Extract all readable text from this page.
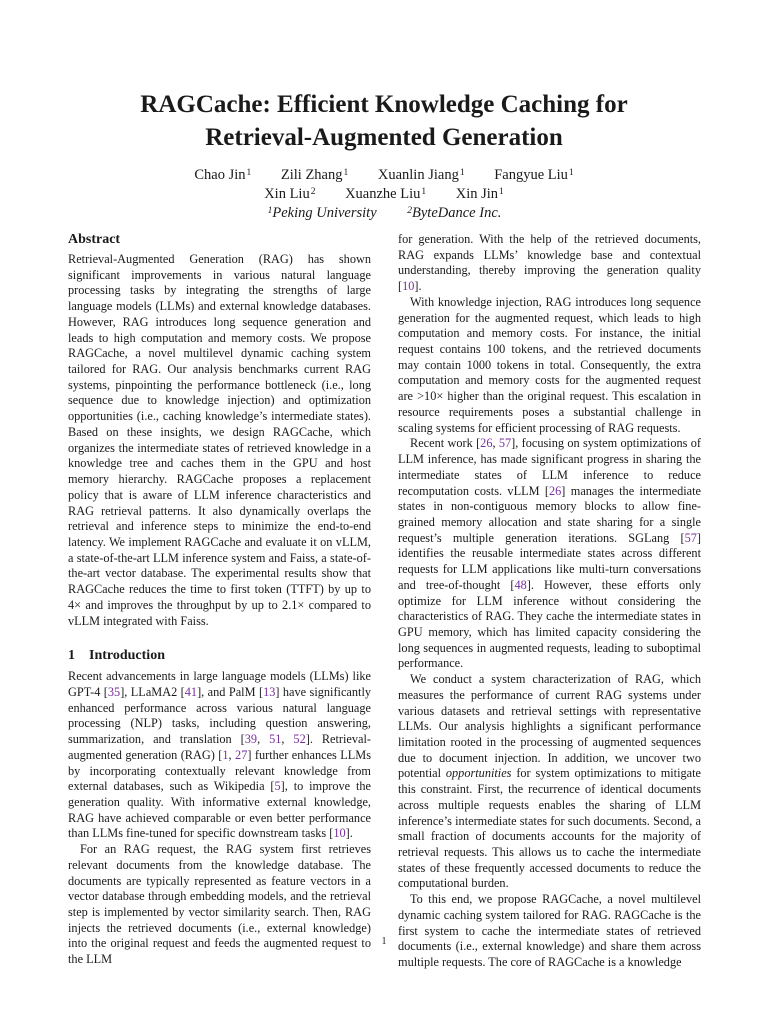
RAGCache: Efficient Knowledge Caching for
Retrieval-Augmented Generation
Chao Jin$^1$ Zili Zhang$^1$ Xuanlin Jiang$^1$ Fangyue Liu$^1$
Xin Liu$^2$ Xuanzhe Liu$^1$ Xin Jin$^1$
$^1$Peking University	$^2$ByteDance Inc.
Abstract

Retrieval-Augmented Generation (RAG) has shown significant improvements in various natural language processing tasks by integrating the strengths of large language models (LLMs) and external knowledge databases. However, RAG introduces long sequence generation and leads to high computation and memory costs. We propose RAGCache, a novel multilevel dynamic caching system tailored for RAG. Our analysis benchmarks current RAG systems, pinpointing the performance bottleneck (i.e., long sequence due to knowledge injection) and optimization opportunities (i.e., caching knowledge’s intermediate states). Based on these insights, we design RAGCache, which organizes the intermediate states of retrieved knowledge in a knowledge tree and caches them in the GPU and host memory hierarchy. RAGCache proposes a replacement policy that is aware of LLM inference characteristics and RAG retrieval patterns. It also dynamically overlaps the retrieval and inference steps to minimize the end-to-end latency. We implement RAGCache and evaluate it on vLLM, a state-of-the-art LLM inference system and Faiss, a state-of-the-art vector database. The experimental results show that RAGCache reduces the time to first token (TTFT) by up to 4× and improves the throughput by up to 2.1× compared to vLLM integrated with Faiss.

1 Introduction

Recent advancements in large language models (LLMs) like GPT-4 [35], LLaMA2 [41], and PalM [13] have significantly enhanced performance across various natural language processing (NLP) tasks, including question answering, summarization, and translation [39, 51, 52]. Retrieval-augmented generation (RAG) [1, 27] further enhances LLMs by incorporating contextually relevant knowledge from external databases, such as Wikipedia [5], to improve the generation quality. With informative external knowledge, RAG have achieved comparable or even better performance than LLMs fine-tuned for specific downstream tasks [10].

For an RAG request, the RAG system first retrieves relevant documents from the knowledge database. The documents are typically represented as feature vectors in a vector database through embedding models, and the retrieval step is implemented by vector similarity search. Then, RAG injects the retrieved documents (i.e., external knowledge) into the original request and feeds the augmented request to the LLM

for generation. With the help of the retrieved documents, RAG expands LLMs’ knowledge base and contextual understanding, thereby improving the generation quality [10].

With knowledge injection, RAG introduces long sequence generation for the augmented request, which leads to high computation and memory costs. For instance, the initial request contains 100 tokens, and the retrieved documents may contain 1000 tokens in total. Consequently, the extra computation and memory costs for the augmented request are >10× higher than the original request. This escalation in resource requirements poses a substantial challenge in scaling systems for efficient processing of RAG requests.

Recent work [26, 57], focusing on system optimizations of LLM inference, has made significant progress in sharing the intermediate states of LLM inference to reduce recomputation costs. vLLM [26] manages the intermediate states in non-contiguous memory blocks to allow fine-grained memory allocation and state sharing for a single request’s multiple generation iterations. SGLang [57] identifies the reusable intermediate states across different requests for LLM applications like multi-turn conversations and tree-of-thought [48]. However, these efforts only optimize for LLM inference without considering the characteristics of RAG. They cache the intermediate states in GPU memory, which has limited capacity considering the long sequences in augmented requests, leading to suboptimal performance.

We conduct a system characterization of RAG, which measures the performance of current RAG systems under various datasets and retrieval settings with representative LLMs. Our analysis highlights a significant performance limitation rooted in the processing of augmented sequences due to document injection. In addition, we uncover two potential opportunities for system optimizations to mitigate this constraint. First, the recurrence of identical documents across multiple requests enables the sharing of LLM inference’s intermediate states for such documents. Second, a small fraction of documents accounts for the majority of retrieval requests. This allows us to cache the intermediate states of these frequently accessed documents to reduce the computational burden.

To this end, we propose RAGCache, a novel multilevel dynamic caching system tailored for RAG. RAGCache is the first system to cache the intermediate states of retrieved documents (i.e., external knowledge) and share them across multiple requests. The core of RAGCache is a knowledge

1
